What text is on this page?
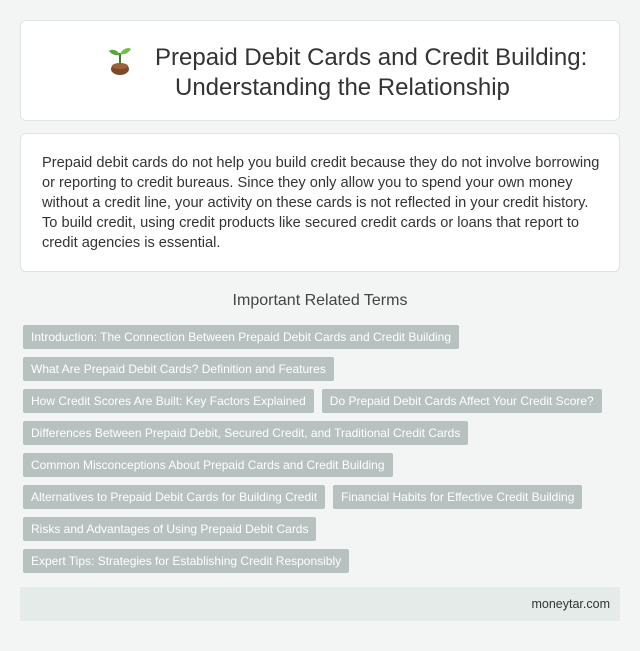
Prepaid Debit Cards and Credit Building:
Understanding the Relationship

Prepaid debit cards do not help you build credit because they do not involve borrowing or reporting to credit bureaus. Since they only allow you to spend your own money without a credit line, your activity on these cards is not reflected in your credit history. To build credit, using credit products like secured credit cards or loans that report to credit agencies is essential.

Important Related Terms
Introduction: The Connection Between Prepaid Debit Cards and Credit Building
What Are Prepaid Debit Cards? Definition and Features
How Credit Scores Are Built: Key Factors Explained	Do Prepaid Debit Cards Affect Your Credit Score?
Differences Between Prepaid Debit, Secured Credit, and Traditional Credit Cards
Common Misconceptions About Prepaid Cards and Credit Building
Alternatives to Prepaid Debit Cards for Building Credit	Financial Habits for Effective Credit Building
Risks and Advantages of Using Prepaid Debit Cards
Expert Tips: Strategies for Establishing Credit Responsibly
moneytar.com
